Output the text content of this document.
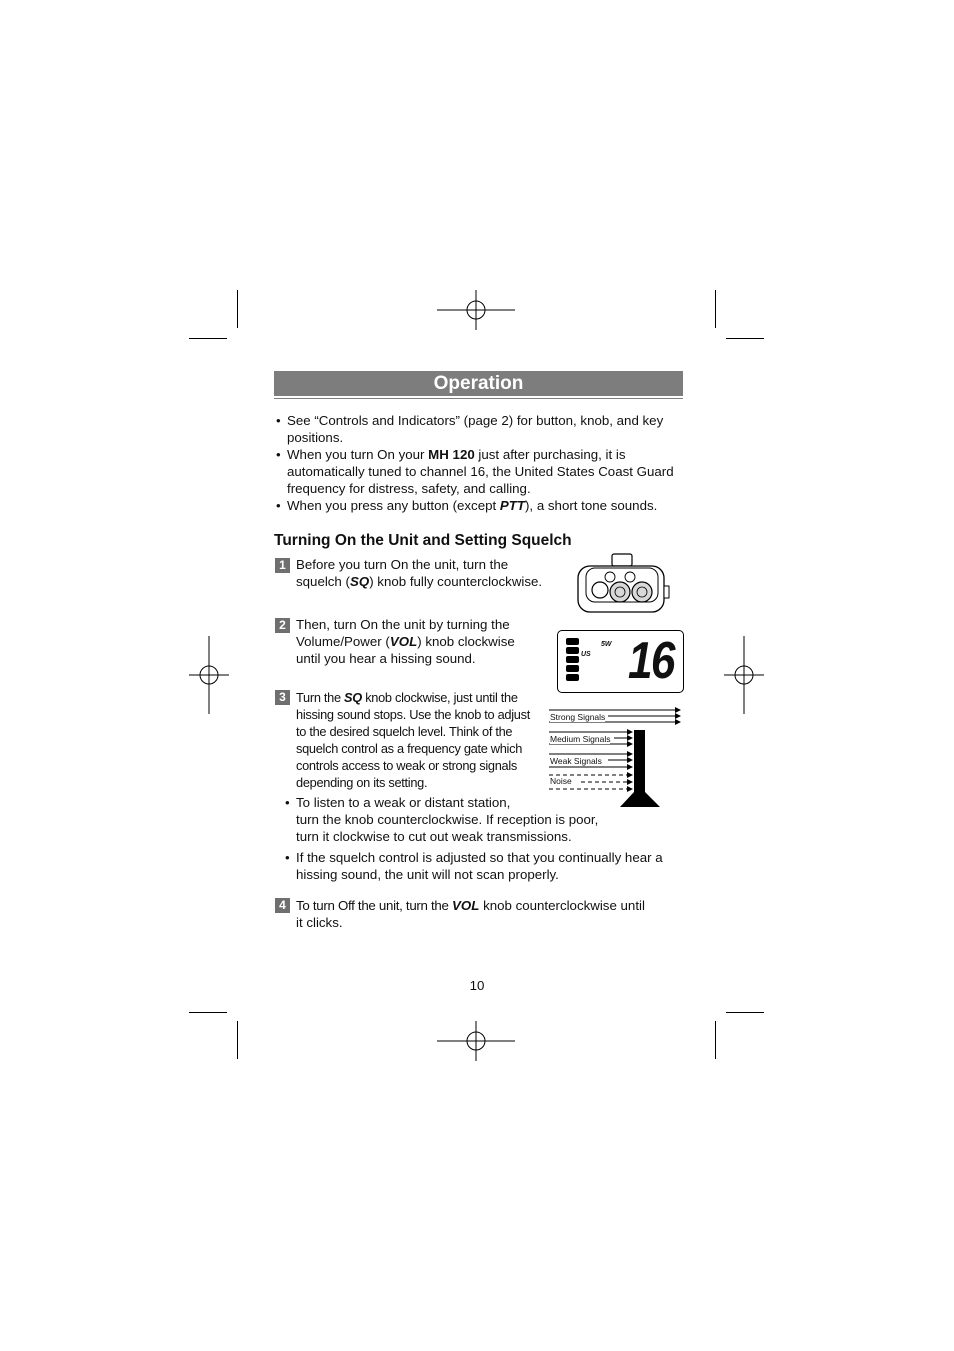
Operation
• See “Controls and Indicators” (page 2) for button, knob, and key positions.
• When you turn On your MH 120 just after purchasing, it is automatically tuned to channel 16, the United States Coast Guard frequency for distress, safety, and calling.
• When you press any button (except PTT), a short tone sounds.
Turning On the Unit and Setting Squelch
1 Before you turn On the unit, turn the
squelch (SQ) knob fully counterclockwise.
2 Then, turn On the unit by turning the
Volume/Power (VOL) knob clockwise
until you hear a hissing sound.	US
5W 16
3 Turn the SQ knob clockwise, just until the
hissing sound stops. Use the knob to adjust
to the desired squelch level. Think of the
squelch control as a frequency gate which
controls access to weak or strong signals
depending on its setting.
Strong Signals
Medium Signals
Weak Signals
Noise
• To listen to a weak or distant station,
turn the knob counterclockwise. If reception is poor,
turn it clockwise to cut out weak transmissions.
• If the squelch control is adjusted so that you continually hear a
hissing sound, the unit will not scan properly.
4 To turn Off the unit, turn the VOL knob counterclockwise until
it clicks.
10
